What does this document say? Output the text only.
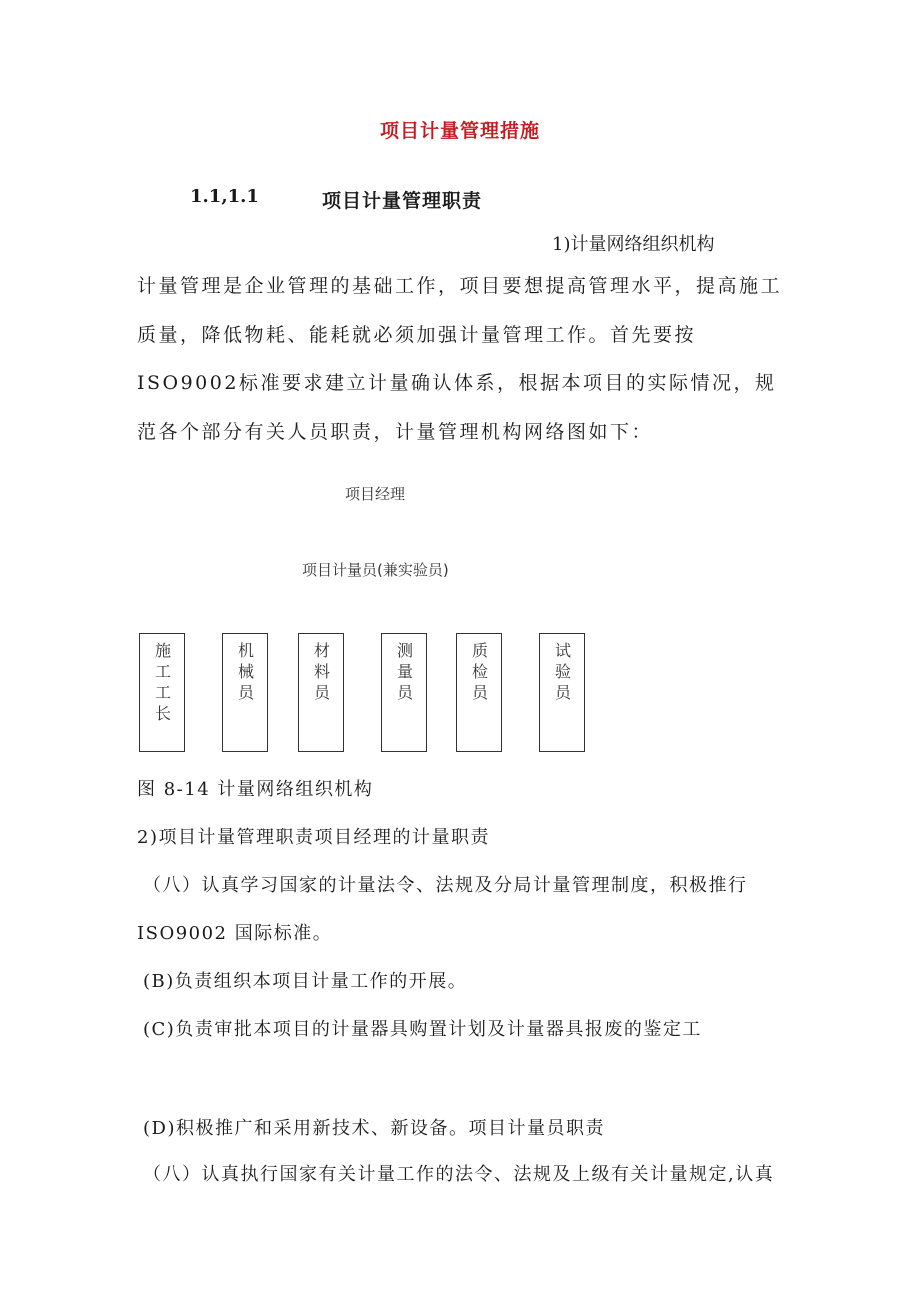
项目计量管理措施
1.1,1.1	项目计量管理职责
1)计量网络组织机构
计量管理是企业管理的基础工作，项目要想提高管理水平，提高施工质量，降低物耗、能耗就必须加强计量管理工作。首先要按ISO9002标准要求建立计量确认体系，根据本项目的实际情况，规范各个部分有关人员职责，计量管理机构网络图如下：
项目经理
项目计量员(兼实验员)
施工工长	机械员	材料员	测量员	质检员	试验员
图 8-14 计量网络组织机构
2)项目计量管理职责项目经理的计量职责
（八）认真学习国家的计量法令、法规及分局计量管理制度，积极推行
ISO9002 国际标准。
(B)负责组织本项目计量工作的开展。
(C)负责审批本项目的计量器具购置计划及计量器具报废的鉴定工
(D)积极推广和采用新技术、新设备。项目计量员职责
（八）认真执行国家有关计量工作的法令、法规及上级有关计量规定,认真
